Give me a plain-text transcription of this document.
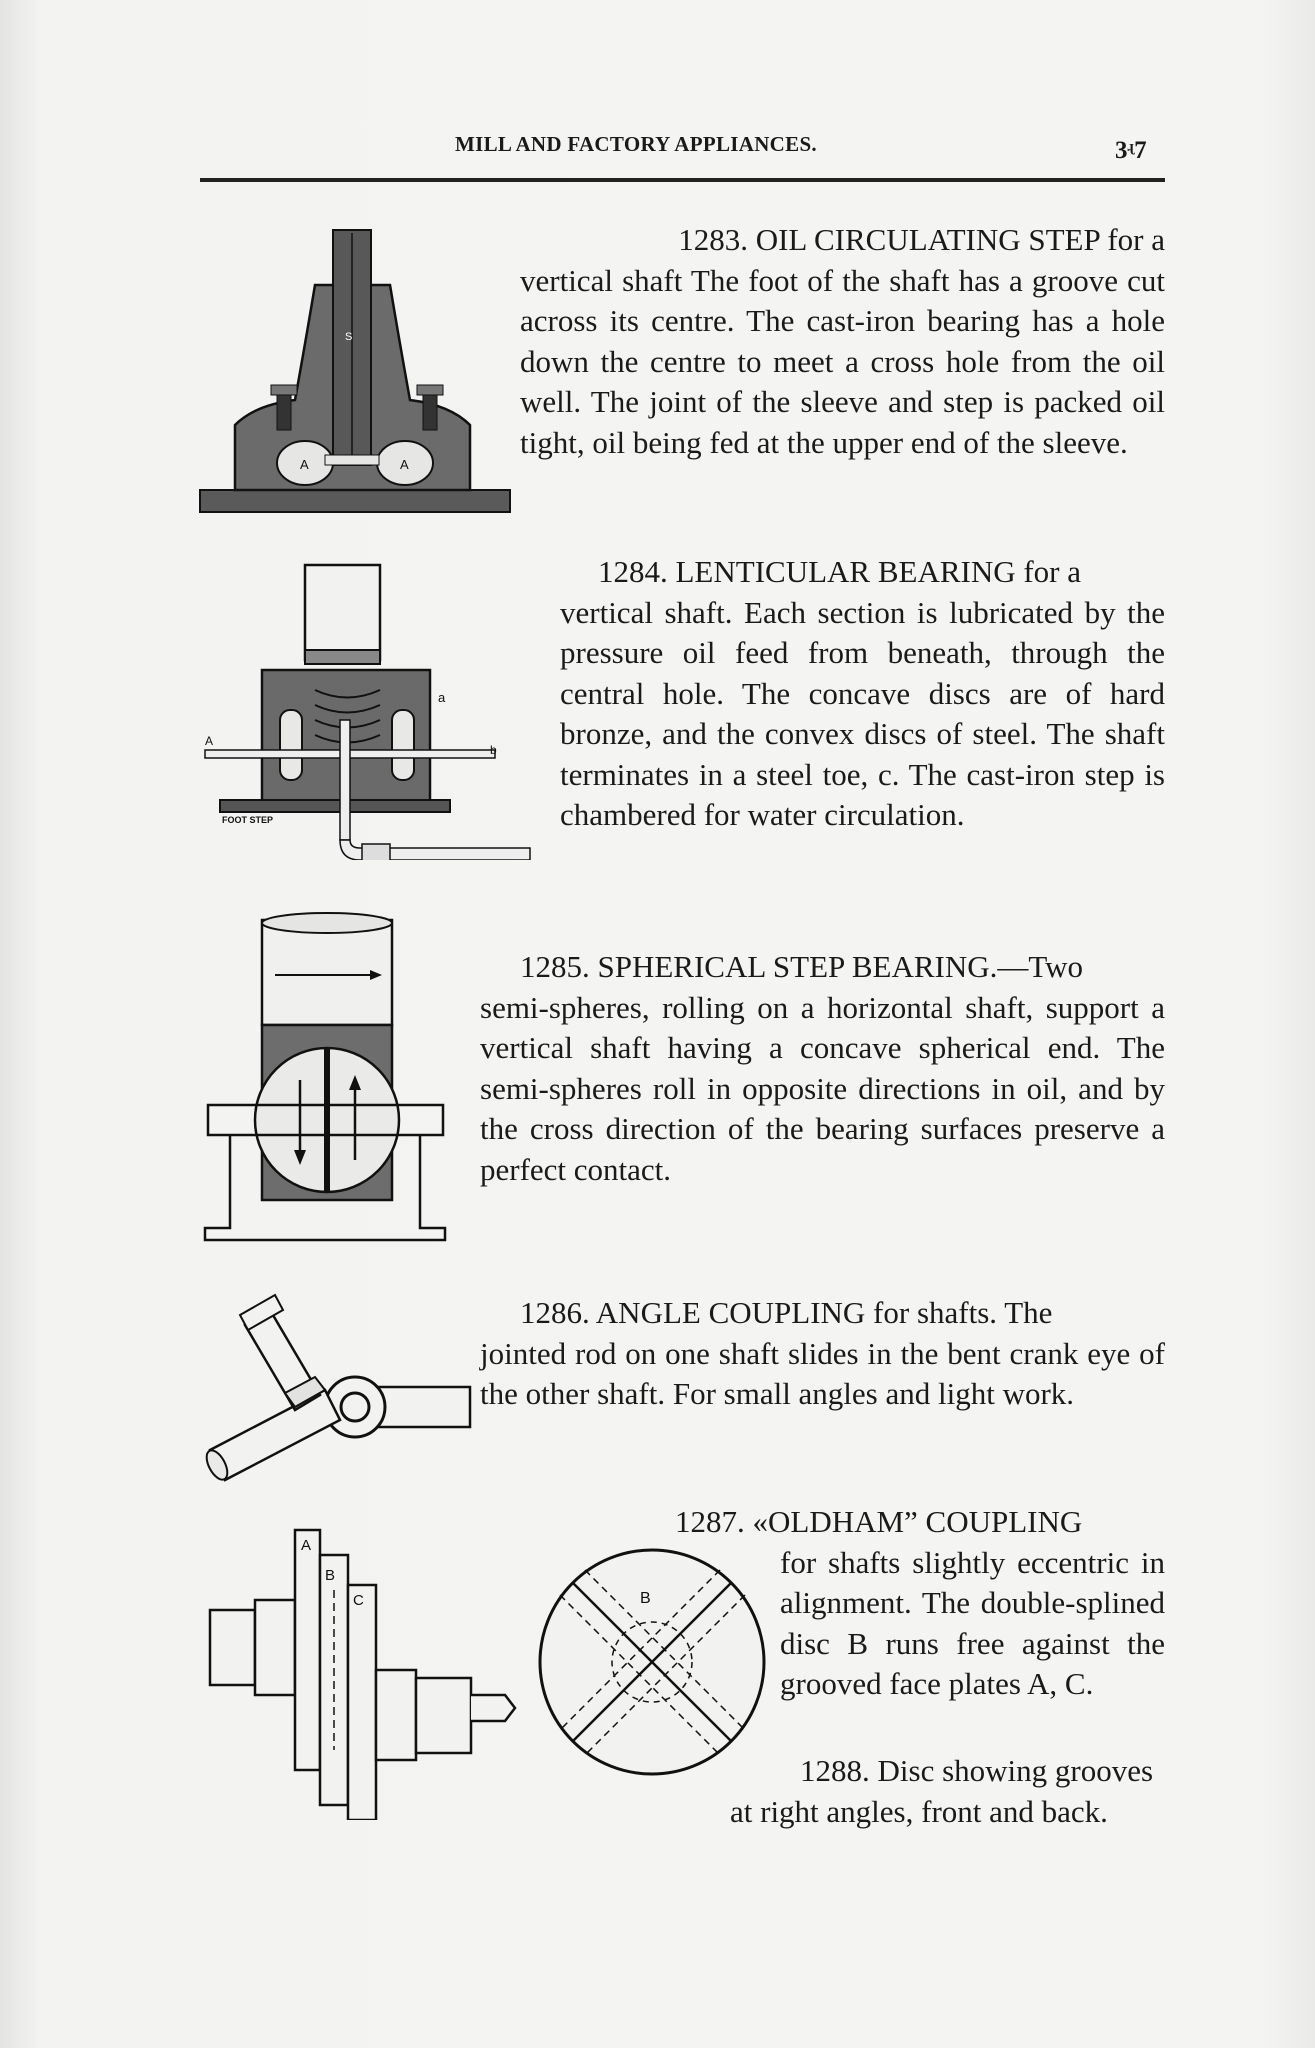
MILL AND FACTORY APPLIANCES.	3ʵ7
1283. OIL CIRCULATING STEP for a
vertical shaft The foot of the shaft has a groove cut across its centre. The cast-iron bearing has a hole down the centre to meet a cross hole from the oil well. The joint of the sleeve and step is packed oil tight, oil being fed at the upper end of the sleeve.
S
A	A
1284. LENTICULAR BEARING for a
vertical shaft. Each section is lubricated by the pressure oil feed from beneath, through the central hole. The concave discs are of hard bronze, and the convex discs of steel. The shaft terminates in a steel toe, c. The cast-iron step is chambered for water circulation.
a
A
b
FOOT STEP
1285. SPHERICAL STEP BEARING.—Two
semi-spheres, rolling on a horizontal shaft, support a vertical shaft having a concave spherical end. The semi-spheres roll in opposite directions in oil, and by the cross direction of the bearing surfaces preserve a perfect contact.
1286. ANGLE COUPLING for shafts. The
jointed rod on one shaft slides in the bent crank eye of the other shaft. For small angles and light work.
1287. «OLDHAM” COUPLING
for shafts slightly eccentric in alignment. The double-splined disc B runs free against the grooved face plates A, C.
1288. Disc showing grooves
at right angles, front and back.
A
B
C	B
